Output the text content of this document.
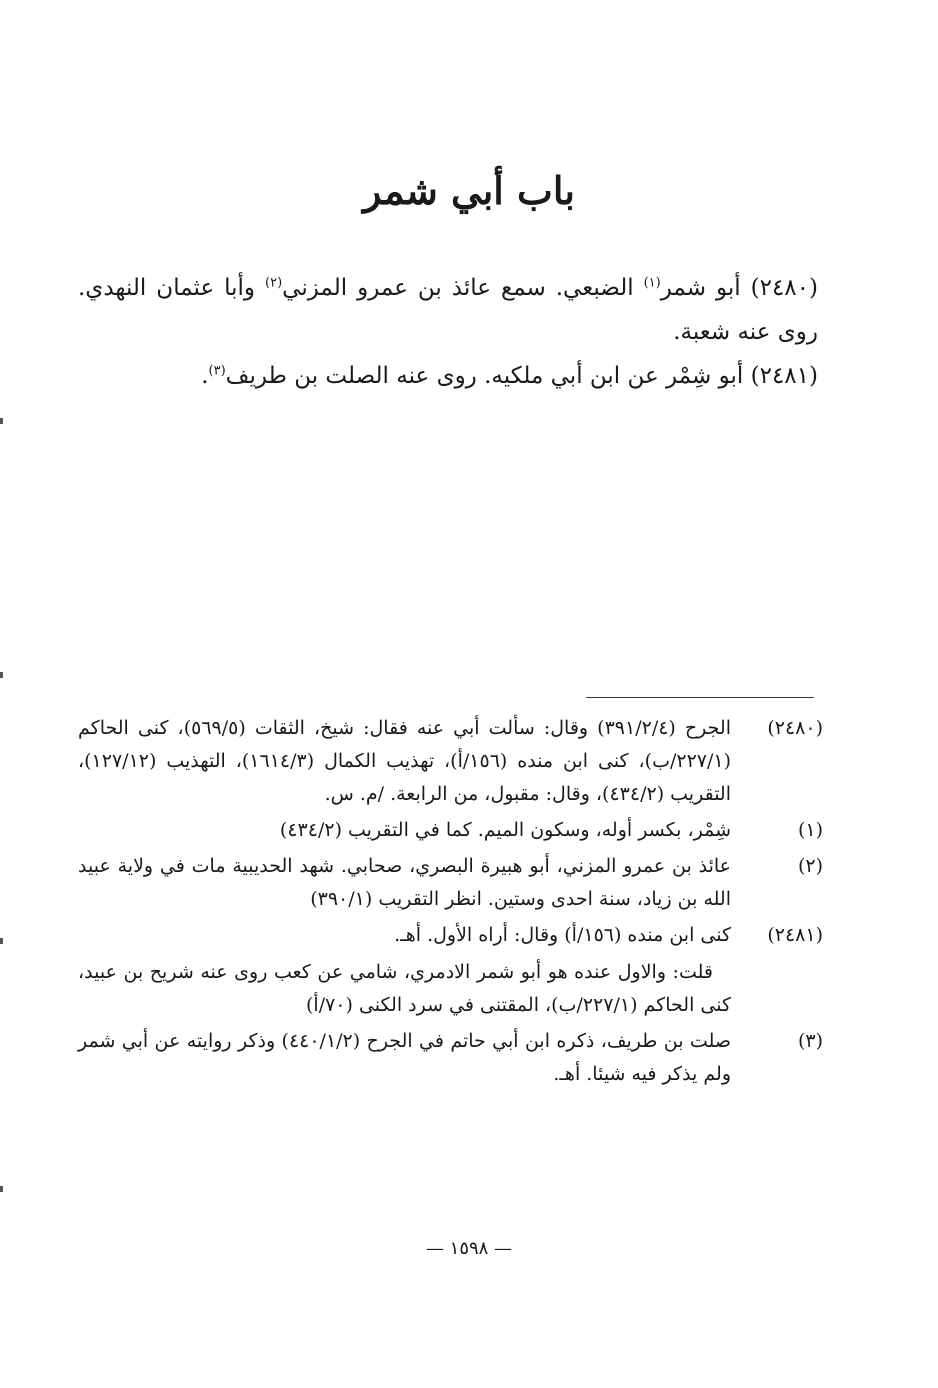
باب أبي شمر

(٢٤٨٠) أبو شمر$^{(١)}$ الضبعي. سمع عائذ بن عمرو المزني$^{(٢)}$ وأبا عثمان النهدي. روى عنه شعبة.

(٢٤٨١) أبو شِمْر عن ابن أبي ملكيه. روى عنه الصلت بن طريف$^{(٣)}$.

(٢٤٨٠)

الجرح (٣٩١/٢/٤) وقال: سألت أبي عنه فقال: شيخ، الثقات (٥٦٩/٥)، كنى الحاكم (٢٢٧/١/ب)، كنى ابن منده (١٥٦/أ)، تهذيب الكمال (١٦١٤/٣)، التهذيب (١٢٧/١٢)، التقريب (٤٣٤/٢)، وقال: مقبول، من الرابعة. /م. س.

(١)

شِمْر، بكسر أوله، وسكون الميم. كما في التقريب (٤٣٤/٢)

(٢)

عائذ بن عمرو المزني، أبو هبيرة البصري، صحابي. شهد الحديبية مات في ولاية عبيد الله بن زياد، سنة احدى وستين. انظر التقريب (٣٩٠/١)

(٢٤٨١)

كنى ابن منده (١٥٦/أ) وقال: أراه الأول. أهـ.

قلت: والاول عنده هو أبو شمر الادمري، شامي عن كعب روى عنه شريح بن عبيد، كنى الحاكم (٢٢٧/١/ب)، المقتنى في سرد الكنى (٧٠/أ)

(٣)

صلت بن طريف، ذكره ابن أبي حاتم في الجرح (٤٤٠/١/٢) وذكر روايته عن أبي شمر ولم يذكر فيه شيئا. أهـ.

— ١٥٩٨ —
